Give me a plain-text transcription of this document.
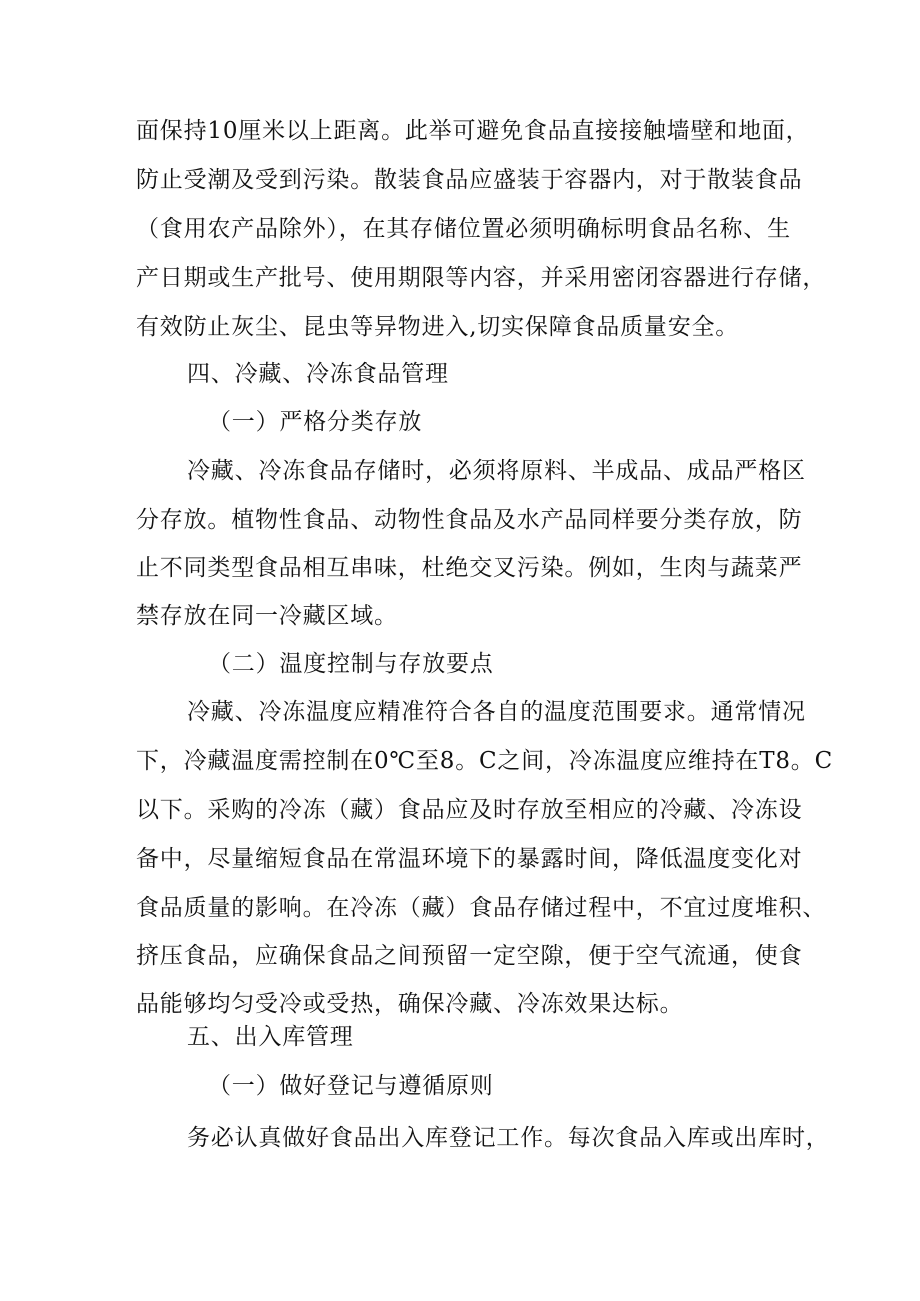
面保持10厘米以上距离。此举可避免食品直接接触墙壁和地面，

防止受潮及受到污染。散装食品应盛装于容器内，对于散装食品

（食用农产品除外），在其存储位置必须明确标明食品名称、生

产日期或生产批号、使用期限等内容，并采用密闭容器进行存储，

有效防止灰尘、昆虫等异物进入,切实保障食品质量安全。

四、冷藏、冷冻食品管理

（一）严格分类存放

冷藏、冷冻食品存储时，必须将原料、半成品、成品严格区

分存放。植物性食品、动物性食品及水产品同样要分类存放，防

止不同类型食品相互串味，杜绝交叉污染。例如，生肉与蔬菜严

禁存放在同一冷藏区域。

（二）温度控制与存放要点

冷藏、冷冻温度应精准符合各自的温度范围要求。通常情况

下，冷藏温度需控制在0℃至8。C之间，冷冻温度应维持在T8。C

以下。采购的冷冻（藏）食品应及时存放至相应的冷藏、冷冻设

备中，尽量缩短食品在常温环境下的暴露时间，降低温度变化对

食品质量的影响。在冷冻（藏）食品存储过程中，不宜过度堆积、

挤压食品，应确保食品之间预留一定空隙，便于空气流通，使食

品能够均匀受冷或受热，确保冷藏、冷冻效果达标。

五、出入库管理

（一）做好登记与遵循原则

务必认真做好食品出入库登记工作。每次食品入库或出库时，
